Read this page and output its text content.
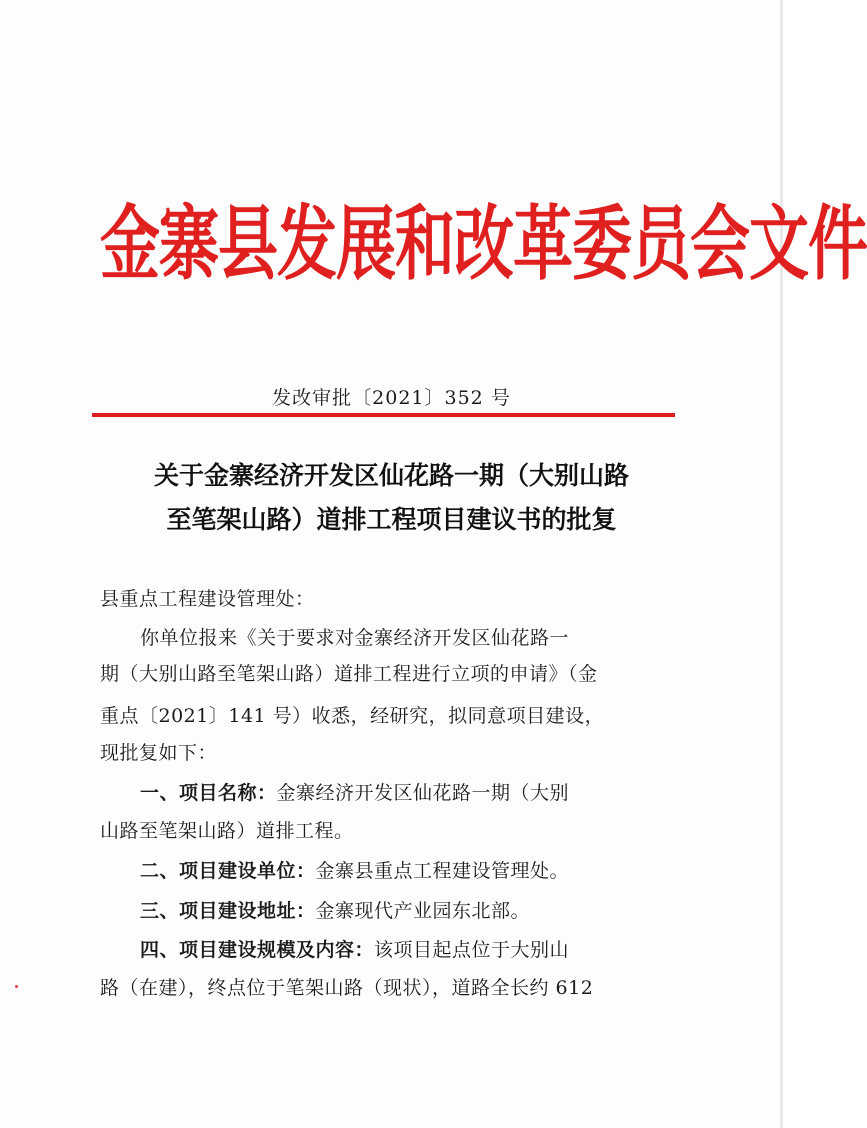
金寨县发展和改革委员会文件
发改审批〔2021〕352 号
关于金寨经济开发区仙花路一期（大别山路
至笔架山路）道排工程项目建议书的批复
县重点工程建设管理处：
你单位报来《关于要求对金寨经济开发区仙花路一
期（大别山路至笔架山路）道排工程进行立项的申请》（金
重点〔2021〕141 号）收悉，经研究，拟同意项目建设，
现批复如下：
一、项目名称：金寨经济开发区仙花路一期（大别
山路至笔架山路）道排工程。
二、项目建设单位：金寨县重点工程建设管理处。
三、项目建设地址：金寨现代产业园东北部。
四、项目建设规模及内容：该项目起点位于大别山
路（在建），终点位于笔架山路（现状），道路全长约 612
